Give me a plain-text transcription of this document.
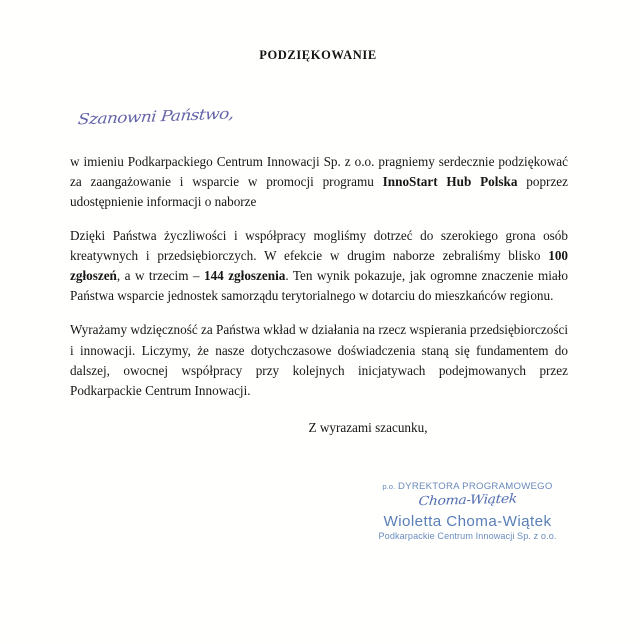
PODZIĘKOWANIE
Szanowni Państwo,

w imieniu Podkarpackiego Centrum Innowacji Sp. z o.o. pragniemy serdecznie podziękować za zaangażowanie i wsparcie w promocji programu InnoStart Hub Polska poprzez udostępnienie informacji o naborze

Dzięki Państwa życzliwości i współpracy mogliśmy dotrzeć do szerokiego grona osób kreatywnych i przedsiębiorczych. W efekcie w drugim naborze zebraliśmy blisko 100 zgłoszeń, a w trzecim – 144 zgłoszenia. Ten wynik pokazuje, jak ogromne znaczenie miało Państwa wsparcie jednostek samorządu terytorialnego w dotarciu do mieszkańców regionu.

Wyrażamy wdzięczność za Państwa wkład w działania na rzecz wspierania przedsiębiorczości i innowacji. Liczymy, że nasze dotychczasowe doświadczenia staną się fundamentem do dalszej, owocnej współpracy przy kolejnych inicjatywach podejmowanych przez Podkarpackie Centrum Innowacji.

Z wyrazami szacunku,
p.o. DYREKTORA PROGRAMOWEGO
Choma-Wiątek
Wioletta Choma-Wiątek
Podkarpackie Centrum Innowacji Sp. z o.o.
